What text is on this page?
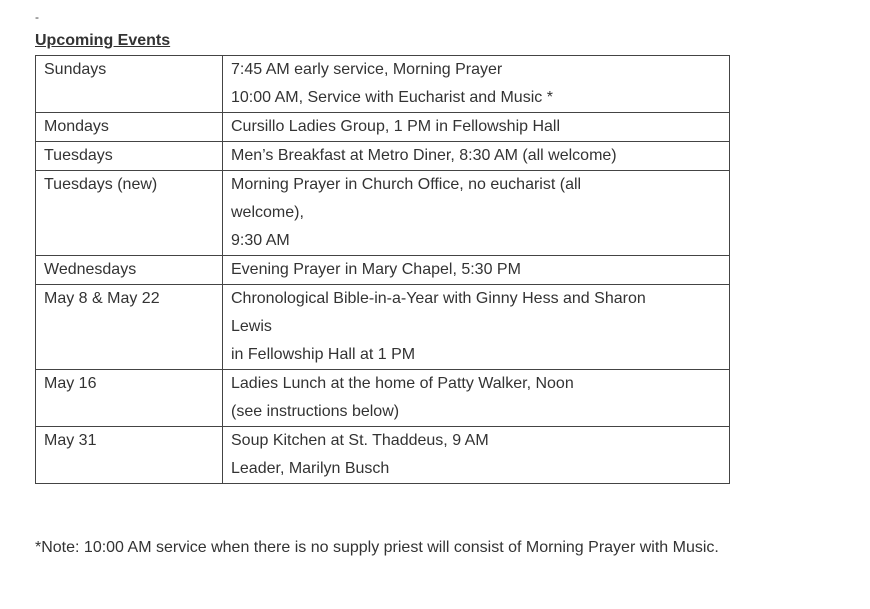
-
Upcoming Events
Sundays	7:45 AM early service, Morning Prayer
10:00 AM, Service with Eucharist and Music *

Mondays	Cursillo Ladies Group, 1 PM in Fellowship Hall

Tuesdays	Men’s Breakfast at Metro Diner, 8:30 AM (all welcome)

Tuesdays (new)	Morning Prayer in Church Office, no eucharist (all
welcome),
9:30 AM

Wednesdays	Evening Prayer in Mary Chapel, 5:30 PM

May 8 & May 22	Chronological Bible-in-a-Year with Ginny Hess and Sharon
Lewis
in Fellowship Hall at 1 PM

May 16	Ladies Lunch at the home of Patty Walker, Noon
(see instructions below)

May 31	Soup Kitchen at St. Thaddeus, 9 AM
Leader, Marilyn Busch
*Note: 10:00 AM service when there is no supply priest will consist of Morning Prayer with Music.
